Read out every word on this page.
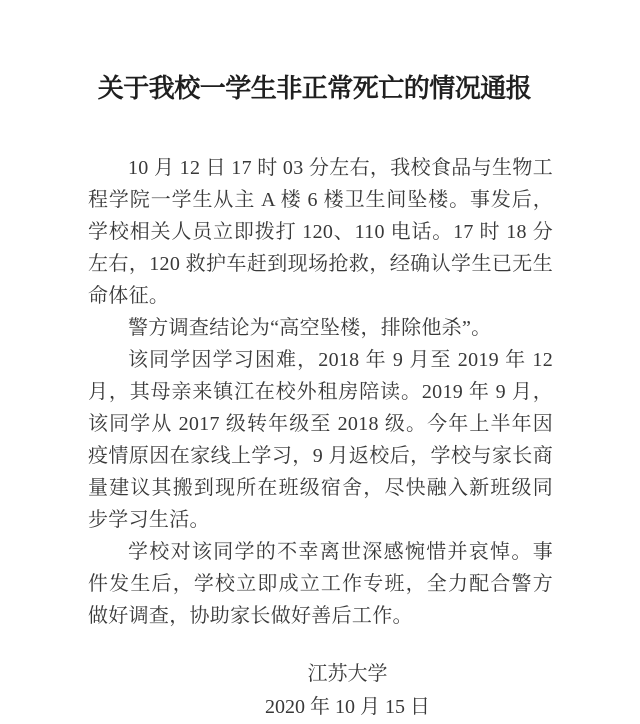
关于我校一学生非正常死亡的情况通报

10 月 12 日 17 时 03 分左右，我校食品与生物工程学院一学生从主 A 楼 6 楼卫生间坠楼。事发后，学校相关人员立即拨打 120、110 电话。17 时 18 分左右，120 救护车赶到现场抢救，经确认学生已无生命体征。

警方调查结论为“高空坠楼，排除他杀”。

该同学因学习困难，2018 年 9 月至 2019 年 12 月，其母亲来镇江在校外租房陪读。2019 年 9 月，该同学从 2017 级转年级至 2018 级。今年上半年因疫情原因在家线上学习，9 月返校后，学校与家长商量建议其搬到现所在班级宿舍，尽快融入新班级同步学习生活。

学校对该同学的不幸离世深感惋惜并哀悼。事件发生后，学校立即成立工作专班，全力配合警方做好调查，协助家长做好善后工作。

江苏大学
2020 年 10 月 15 日
